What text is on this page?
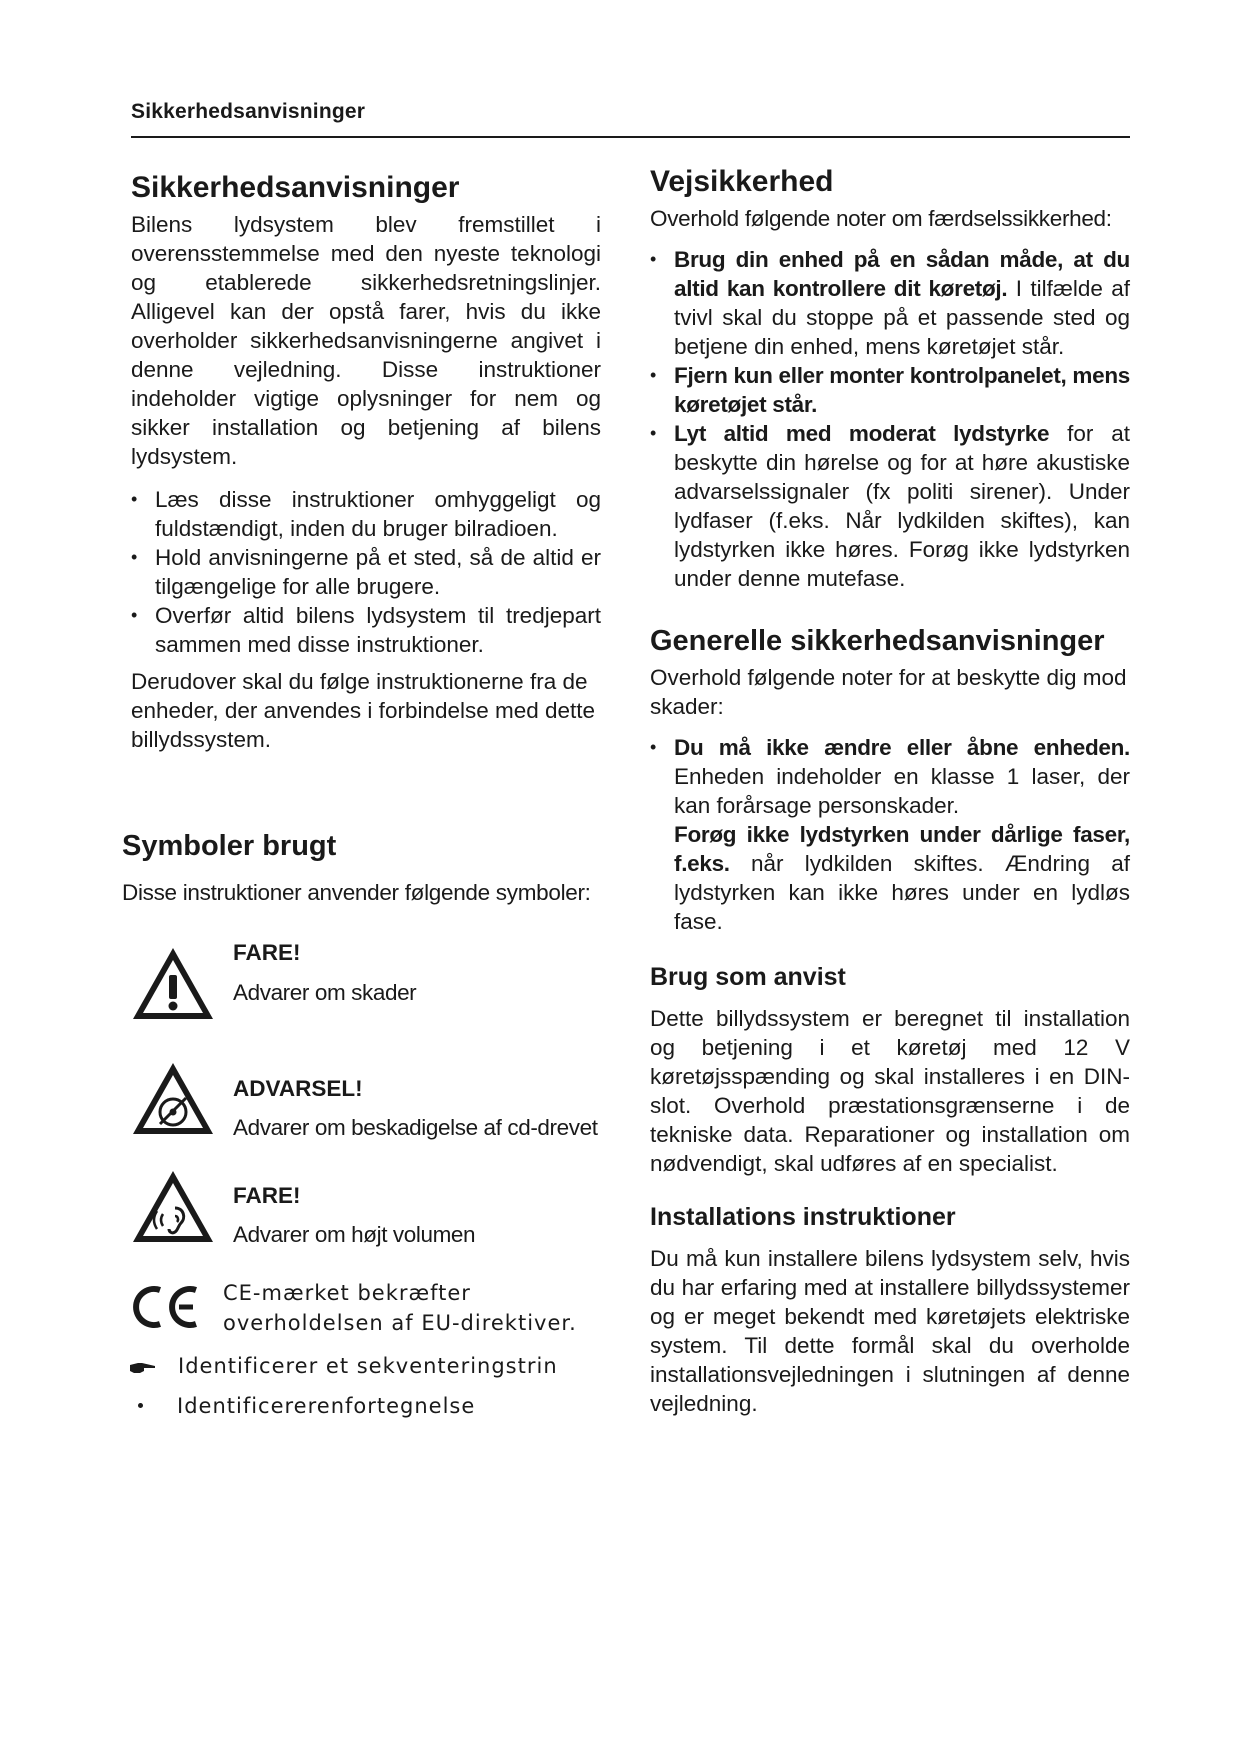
Sikkerhedsanvisninger
Sikkerhedsanvisninger

Bilens lydsystem blev fremstillet i overensstemmelse med den nyeste teknologi og etablerede sikkerhedsretningslinjer. Alligevel kan der opstå farer, hvis du ikke overholder sikkerhedsanvisningerne angivet i denne vejledning. Disse instruktioner indeholder vigtige oplysninger for nem og sikker installation og betjening af bilens lydsystem.

• Læs disse instruktioner omhyggeligt og fuldstændigt, inden du bruger bilradioen.
• Hold anvisningerne på et sted, så de altid er tilgængelige for alle brugere.
• Overfør altid bilens lydsystem til tredjepart sammen med disse instruktioner.

Derudover skal du følge instruktionerne fra de enheder, der anvendes i forbindelse med dette billydssystem.

Symboler brugt

Disse instruktioner anvender følgende symboler:

FARE!
Advarer om skader
ADVARSEL!
Advarer om beskadigelse af cd-drevet
FARE!
Advarer om højt volumen
CE-mærket bekræfter
overholdelsen af EU-direktiver.
Identificerer et sekventeringstrin
Identificererenfortegnelse
Vejsikkerhed

Overhold følgende noter om færdselssikkerhed:

• Brug din enhed på en sådan måde, at du altid kan kontrollere dit køretøj. I tilfælde af tvivl skal du stoppe på et passende sted og betjene din enhed, mens køretøjet står.
• Fjern kun eller monter kontrolpanelet, mens køretøjet står.
• Lyt altid med moderat lydstyrke for at beskytte din hørelse og for at høre akustiske advarselssignaler (fx politi sirener). Under lydfaser (f.eks. Når lydkilden skiftes), kan lydstyrken ikke høres. Forøg ikke lydstyrken under denne mutefase.
Generelle sikkerhedsanvisninger

Overhold følgende noter for at beskytte dig mod skader:

• Du må ikke ændre eller åbne enheden. Enheden indeholder en klasse 1 laser, der kan forårsage personskader.
Forøg ikke lydstyrken under dårlige faser, f.eks. når lydkilden skiftes. Ændring af lydstyrken kan ikke høres under en lydløs fase.
Brug som anvist

Dette billydssystem er beregnet til installation og betjening i et køretøj med 12 V køretøjsspænding og skal installeres i en DIN-slot. Overhold præstationsgrænserne i de tekniske data. Reparationer og installation om nødvendigt, skal udføres af en specialist.

Installations instruktioner

Du må kun installere bilens lydsystem selv, hvis du har erfaring med at installere billydssystemer og er meget bekendt med køretøjets elektriske system. Til dette formål skal du overholde installationsvejledningen i slutningen af denne vejledning.
